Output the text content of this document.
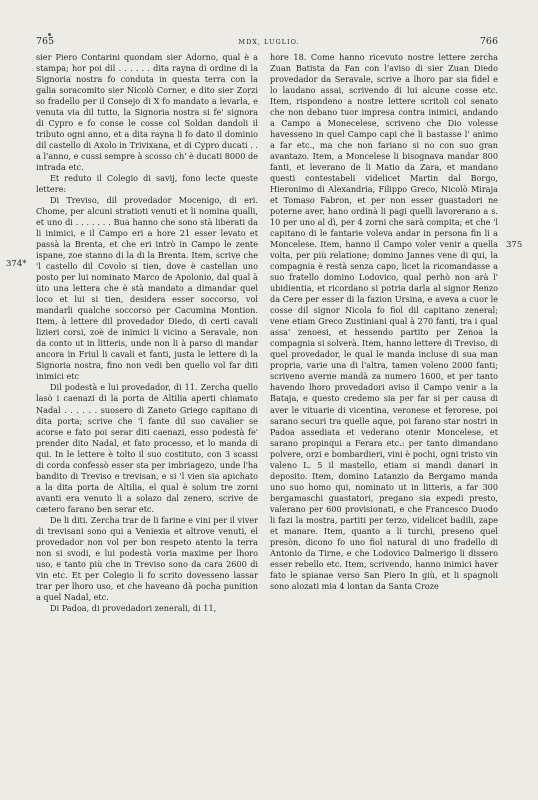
765	MDX, LUGLIO.	766
374*
375

sier Piero Contarini quondam sier Adorno, qual è a stampa; hor poi dil . . . . . . dita rayna di ordine di la Signoria nostra fo conduta in questa terra con la galia soracomito sier Nicolò Corner, e dito sier Zorzi so fradello per il Consejo di X fo mandato a levarla, e venuta via dil tutto, la Signoria nostra si fe' signora di Cypro e fo conse le cosse col Soldan dandoli il tributo ogni anno, et a dita rayna li fo dato il dominio dil castello di Axolo in Trivixana, et di Cypro ducati . . a l'anno, e cussi sempre à scosso ch' è ducati 8000 de intrada etc.

Et reduto il Colegio di savij, fono lecte queste lettere:

Di Treviso, dil provedador Mocenigo, di eri. Chome, per alcuni stratioti venuti et li nomina qualli, et uno di . . . . . . . Bua hanno che sono stà liberati da li inimici, e il Campo eri a hore 21 esser levato et passà la Brenta, et che eri intrò in Campo le zente ispane, zoe stanno di la di la Brenta. Item, scrive che 'l castello dil Covolo si tien, dove è castellan uno posto per lui nominato Marco de Apolonio, dal qual à ùto una lettera che è stà mandato a dimandar quel loco et lui si tien, desidera esser soccorso, vol mandarli qualche soccorso per Cacumina Montion. Item, à lettere dil provedador Diedo, di certi cavali lizieri corsi, zoè de inimici li vicino a Seravale, non da conto ut in litteris, unde non li à parso di mandar ancora in Friul li cavali et fanti, justa le lettere di la Signoria nostra, fino non vedi ben quello vol far diti inimici etc

Dil podestà e lui provedador, di 11. Zercha quello lasò i caenazi di la porta de Altilia aperti chiamato Nadal . . . . . . suosero di Zaneto Griego capitano di dita porta; scrive che 'l fante dil suo cavalier se acorse e fato poi serar diti caenazi, esso podestà fe' prender dito Nadal, et fato processo, et lo manda di qui. In le lettere è tolto il suo costituto, con 3 scassi di corda confessò esser sta per imbriagezo, unde l'ha bandito di Treviso e trevisan, e si 'l vien sia apichato a la dita porta de Altilia, el qual è solum tre zorni avanti era venuto li a solazo dal zenero, scrive de cætero farano ben serar etc.

De li diti. Zercha trar de li farine e vini per il viver di trevisani sono qui a Veniexia et altrove venuti, el provedador non vol per bon respeto atento la terra non si svodi, e lui podestà voria maxime per lhoro uso, e tanto più che in Treviso sono da cara 2600 di vin etc. Et per Colegio li fo scrito dovesseno lassar trar per lhoro uso, et che haveano dà pocha punition a quel Nadal, etc.

Di Padoa, di provedadori zenerali, di 11,

hore 18. Come hanno ricevuto nostre lettere zercha Zuan Batista da Fan con l'aviso di sier Zuan Diedo provedador da Seravale, scrive a lhoro par sia fidel e lo laudano assai, scrivendo di lui alcune cosse etc. Item, rispondeno a nostre lettere scritoli col senato che non debano tuor impresa contra inimici, andando a Campo a Monecelese, scriveno che Dio volesse havesseno in quel Campo capi che li bastasse l' animo a far etc., ma che non fariano si no con suo gran avantazo. Item, a Moncelese li bisognava mandar 800 fanti, et leverano de li Matio da Zara, et mandano questi contestabeli videlicet Martin dal Borgo, Hieronimo di Alexandria, Filippo Greco, Nicolò Miraja et Tomaso Fabron, et per non esser guastadori ne poterne aver, hano ordinà li pagi quelli lavorerano a s. 10 per uno al dì, per 4 zorni che sarà compita; et che 'l capitano di le fantarie voleva andar in persona fin li a Moncelese. Item, hanno il Campo voler venir a quella volta, per più relatione; domino Jannes vene di qui, la compagnia è restà senza capo, licet la ricomandasse a suo fratello domino Lodovico, qual perhò non arà l' ubidientia, et ricordano si potria darla al signor Renzo da Cere per esser di la fazion Ursina, e aveva a cuor le cosse dil signor Nicola fo fiol dil capitano zeneral; vene etiam Greco Zustiniani qual à 270 fanti, tra i qual assa' zenoesi, et hessendo partito per Zenoa la compagnia si solverà. Item, hanno lettere di Treviso, di quel provedador, le qual le manda incluse di sua man propria, varie una di l'altra, tamen voleno 2000 fanti; scriveno averne mandà za numero 1600, et per tanto havendo lhoro provedadori aviso il Campo venir a la Bataja, e questo credemo sia per far si per causa di aver le vituarie di vicentina, veronese et ferorese, poi sarano securi tra quelle aque, poi farano star nostri in Padoa assediata et vederano otenir Moncelese, et sarano propinqui a Ferara etc.: per tanto dimandano polvere, orzi e bombardieri, vini è pochi, ogni tristo vin valeno L. 5 il mastello, etiam si mandi danari in deposito. Item, domino Latanzio da Bergamo manda uno suo homo qui, nominato ut in litteris, a far 300 bergamaschi guastatori, pregano sia expedi presto, valerano per 600 provisionati, e che Francesco Duodo li fazi la mostra, partiti per terzo, videlicet badili, zape et manare. Item, quanto a li turchi, preseno quel presòn, dicono fo uno fiol natural di uno fradello di Antonio da Tirne, e che Lodovico Dalmerigo li dissero esser rebello etc. Item, scrivendo, hanno inimici haver fato le spianae verso San Piero In giù, et li spagnoli sono alozati mia 4 lontan da Santa Croze
